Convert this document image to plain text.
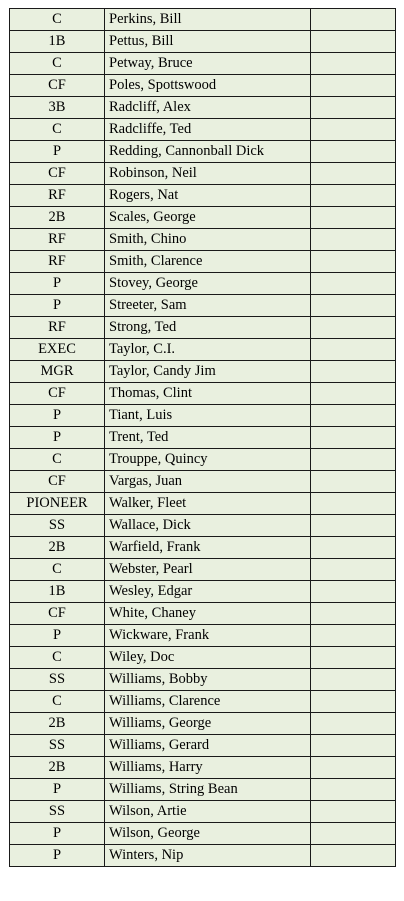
C	Perkins, Bill	
1B	Pettus, Bill	
C	Petway, Bruce	
CF	Poles, Spottswood	
3B	Radcliff, Alex	
C	Radcliffe, Ted	
P	Redding, Cannonball Dick	
CF	Robinson, Neil	
RF	Rogers, Nat	
2B	Scales, George	
RF	Smith, Chino	
RF	Smith, Clarence	
P	Stovey, George	
P	Streeter, Sam	
RF	Strong, Ted	
EXEC	Taylor, C.I.	
MGR	Taylor, Candy Jim	
CF	Thomas, Clint	
P	Tiant, Luis	
P	Trent, Ted	
C	Trouppe, Quincy	
CF	Vargas, Juan	
PIONEER	Walker, Fleet	
SS	Wallace, Dick	
2B	Warfield, Frank	
C	Webster, Pearl	
1B	Wesley, Edgar	
CF	White, Chaney	
P	Wickware, Frank	
C	Wiley, Doc	
SS	Williams, Bobby	
C	Williams, Clarence	
2B	Williams, George	
SS	Williams, Gerard	
2B	Williams, Harry	
P	Williams, String Bean	
SS	Wilson, Artie	
P	Wilson, George	
P	Winters, Nip	
